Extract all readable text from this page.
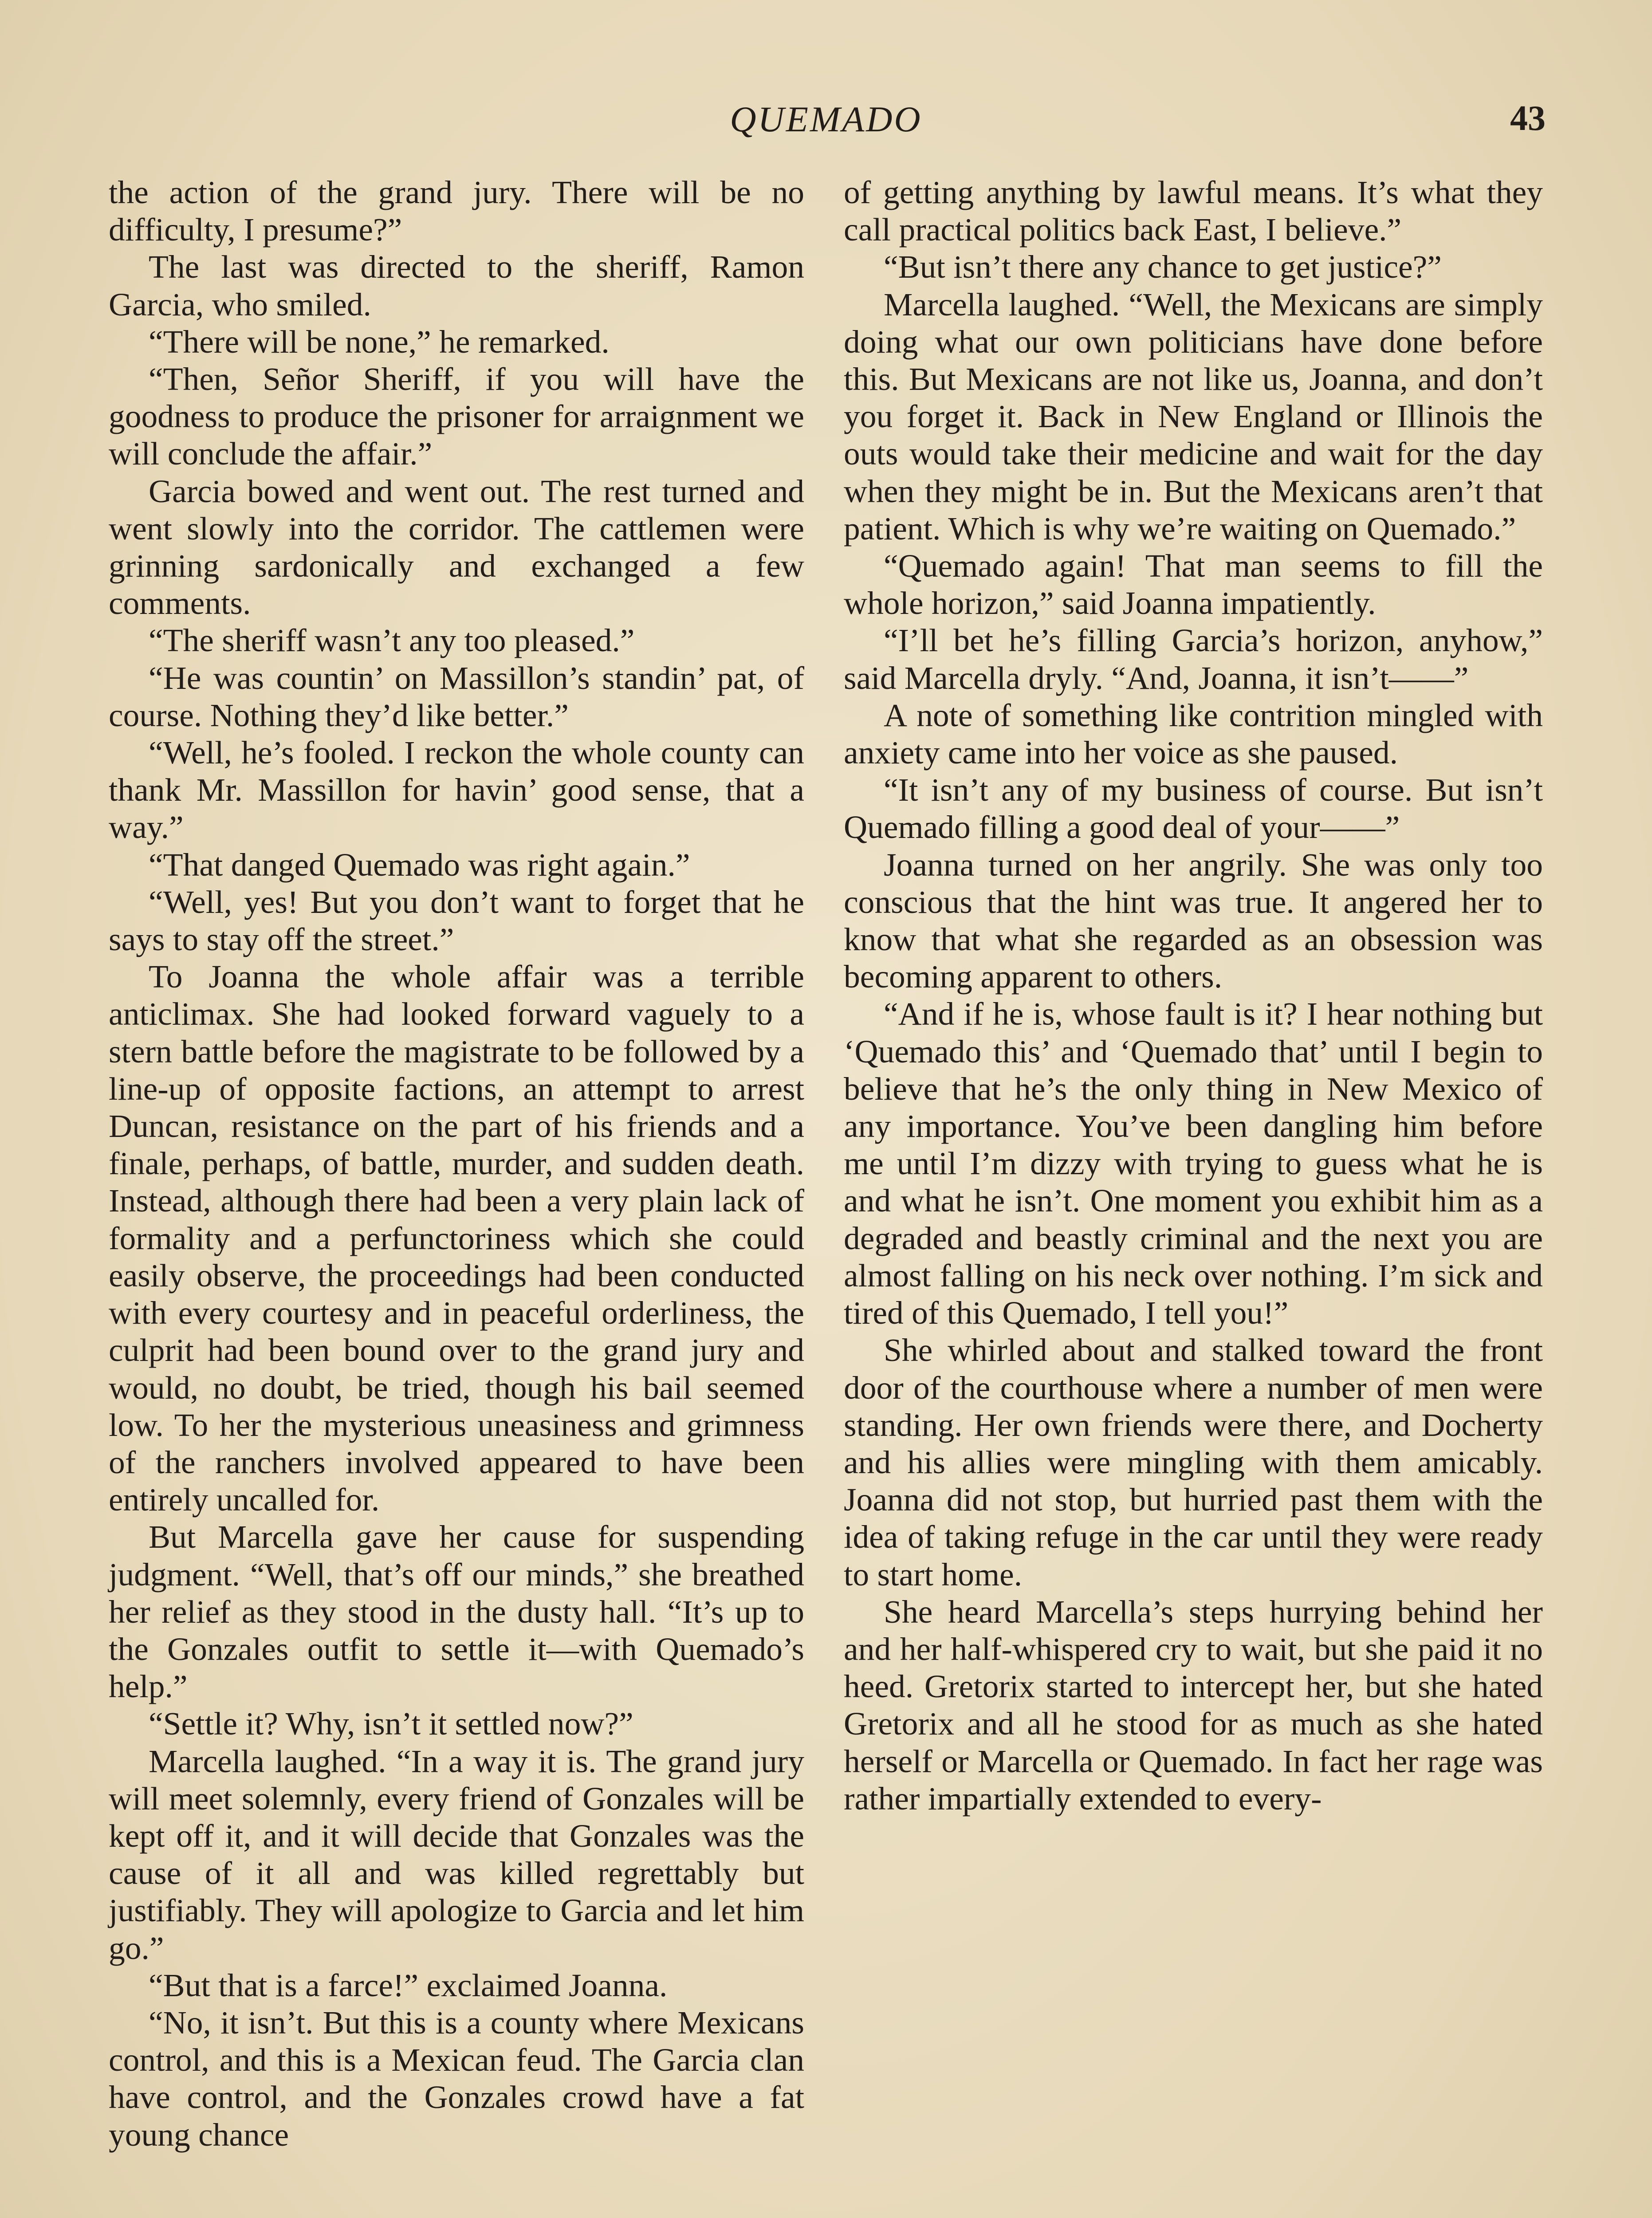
QUEMADO	43

the action of the grand jury. There will be no difficulty, I presume?”

The last was directed to the sheriff, Ramon Garcia, who smiled.

“There will be none,” he remarked.

“Then, Señor Sheriff, if you will have the goodness to produce the prisoner for arraignment we will conclude the affair.”

Garcia bowed and went out. The rest turned and went slowly into the corridor. The cattlemen were grinning sardonically and exchanged a few comments.

“The sheriff wasn’t any too pleased.”

“He was countin’ on Massillon’s standin’ pat, of course. Nothing they’d like better.”

“Well, he’s fooled. I reckon the whole county can thank Mr. Massillon for havin’ good sense, that a way.”

“That danged Quemado was right again.”

“Well, yes! But you don’t want to forget that he says to stay off the street.”

To Joanna the whole affair was a terrible anticlimax. She had looked forward vaguely to a stern battle before the magistrate to be followed by a line-up of opposite factions, an attempt to arrest Duncan, resistance on the part of his friends and a finale, perhaps, of battle, murder, and sudden death. Instead, although there had been a very plain lack of formality and a perfunctoriness which she could easily observe, the proceedings had been conducted with every courtesy and in peaceful orderliness, the culprit had been bound over to the grand jury and would, no doubt, be tried, though his bail seemed low. To her the mysterious uneasiness and grimness of the ranchers involved appeared to have been entirely uncalled for.

But Marcella gave her cause for suspending judgment. “Well, that’s off our minds,” she breathed her relief as they stood in the dusty hall. “It’s up to the Gonzales outfit to settle it—with Quemado’s help.”

“Settle it? Why, isn’t it settled now?”

Marcella laughed. “In a way it is. The grand jury will meet solemnly, every friend of Gonzales will be kept off it, and it will decide that Gonzales was the cause of it all and was killed regrettably but justifiably. They will apologize to Garcia and let him go.”

“But that is a farce!” exclaimed Joanna.

“No, it isn’t. But this is a county where Mexicans control, and this is a Mexican feud. The Garcia clan have control, and the Gonzales crowd have a fat young chance

of getting anything by lawful means. It’s what they call practical politics back East, I believe.”

“But isn’t there any chance to get justice?”

Marcella laughed. “Well, the Mexicans are simply doing what our own politicians have done before this. But Mexicans are not like us, Joanna, and don’t you forget it. Back in New England or Illinois the outs would take their medicine and wait for the day when they might be in. But the Mexicans aren’t that patient. Which is why we’re waiting on Quemado.”

“Quemado again! That man seems to fill the whole horizon,” said Joanna impatiently.

“I’ll bet he’s filling Garcia’s horizon, anyhow,” said Marcella dryly. “And, Joanna, it isn’t——”

A note of something like contrition mingled with anxiety came into her voice as she paused.

“It isn’t any of my business of course. But isn’t Quemado filling a good deal of your——”

Joanna turned on her angrily. She was only too conscious that the hint was true. It angered her to know that what she regarded as an obsession was becoming apparent to others.

“And if he is, whose fault is it? I hear nothing but ‘Quemado this’ and ‘Quemado that’ until I begin to believe that he’s the only thing in New Mexico of any importance. You’ve been dangling him before me until I’m dizzy with trying to guess what he is and what he isn’t. One moment you exhibit him as a degraded and beastly criminal and the next you are almost falling on his neck over nothing. I’m sick and tired of this Quemado, I tell you!”

She whirled about and stalked toward the front door of the courthouse where a number of men were standing. Her own friends were there, and Docherty and his allies were mingling with them amicably. Joanna did not stop, but hurried past them with the idea of taking refuge in the car until they were ready to start home.

She heard Marcella’s steps hurrying behind her and her half-whispered cry to wait, but she paid it no heed. Gretorix started to intercept her, but she hated Gretorix and all he stood for as much as she hated herself or Marcella or Quemado. In fact her rage was rather impartially extended to every-
